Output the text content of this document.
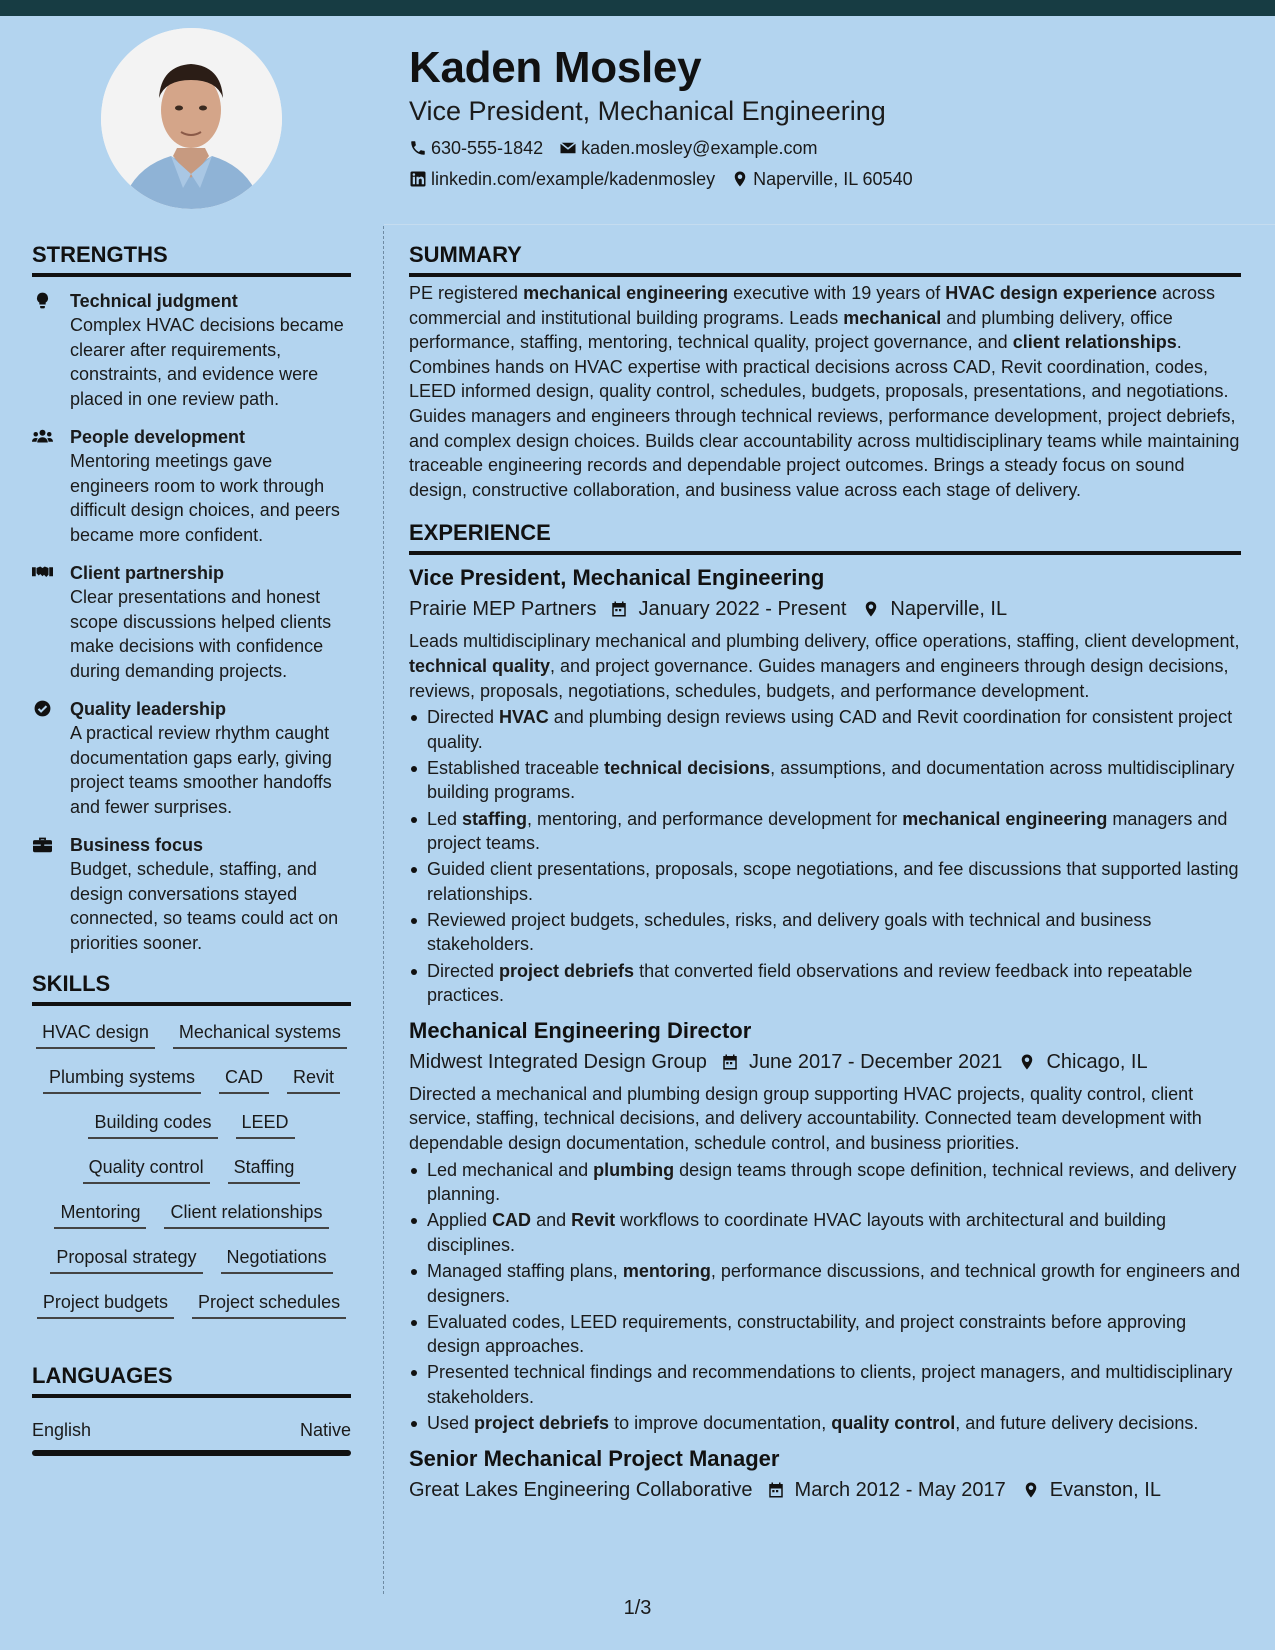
Kaden Mosley
Vice President, Mechanical Engineering
630-555-1842 kaden.mosley@example.com
linkedin.com/example/kadenmosley Naperville, IL 60540
STRENGTHS
Technical judgment
Complex HVAC decisions became clearer after requirements, constraints, and evidence were placed in one review path.
People development
Mentoring meetings gave engineers room to work through difficult design choices, and peers became more confident.
Client partnership
Clear presentations and honest scope discussions helped clients make decisions with confidence during demanding projects.
Quality leadership
A practical review rhythm caught documentation gaps early, giving project teams smoother handoffs and fewer surprises.
Business focus
Budget, schedule, staffing, and design conversations stayed connected, so teams could act on priorities sooner.
SKILLS
HVAC design	Mechanical systems
Plumbing systems	CAD	Revit
Building codes	LEED
Quality control	Staffing
Mentoring	Client relationships
Proposal strategy	Negotiations
Project budgets	Project schedules
LANGUAGES
English	Native
SUMMARY
PE registered mechanical engineering executive with 19 years of HVAC design experience across commercial and institutional building programs. Leads mechanical and plumbing delivery, office performance, staffing, mentoring, technical quality, project governance, and client relationships. Combines hands on HVAC expertise with practical decisions across CAD, Revit coordination, codes, LEED informed design, quality control, schedules, budgets, proposals, presentations, and negotiations. Guides managers and engineers through technical reviews, performance development, project debriefs, and complex design choices. Builds clear accountability across multidisciplinary teams while maintaining traceable engineering records and dependable project outcomes. Brings a steady focus on sound design, constructive collaboration, and business value across each stage of delivery.
EXPERIENCE
Vice President, Mechanical Engineering
Prairie MEP Partners January 2022 - Present Naperville, IL
Leads multidisciplinary mechanical and plumbing delivery, office operations, staffing, client development, technical quality, and project governance. Guides managers and engineers through design decisions, reviews, proposals, negotiations, schedules, budgets, and performance development.
Directed HVAC and plumbing design reviews using CAD and Revit coordination for consistent project quality.
Established traceable technical decisions, assumptions, and documentation across multidisciplinary building programs.
Led staffing, mentoring, and performance development for mechanical engineering managers and project teams.
Guided client presentations, proposals, scope negotiations, and fee discussions that supported lasting relationships.
Reviewed project budgets, schedules, risks, and delivery goals with technical and business stakeholders.
Directed project debriefs that converted field observations and review feedback into repeatable practices.
Mechanical Engineering Director
Midwest Integrated Design Group June 2017 - December 2021 Chicago, IL
Directed a mechanical and plumbing design group supporting HVAC projects, quality control, client service, staffing, technical decisions, and delivery accountability. Connected team development with dependable design documentation, schedule control, and business priorities.
Led mechanical and plumbing design teams through scope definition, technical reviews, and delivery planning.
Applied CAD and Revit workflows to coordinate HVAC layouts with architectural and building disciplines.
Managed staffing plans, mentoring, performance discussions, and technical growth for engineers and designers.
Evaluated codes, LEED requirements, constructability, and project constraints before approving design approaches.
Presented technical findings and recommendations to clients, project managers, and multidisciplinary stakeholders.
Used project debriefs to improve documentation, quality control, and future delivery decisions.
Senior Mechanical Project Manager
Great Lakes Engineering Collaborative March 2012 - May 2017 Evanston, IL
1/3
